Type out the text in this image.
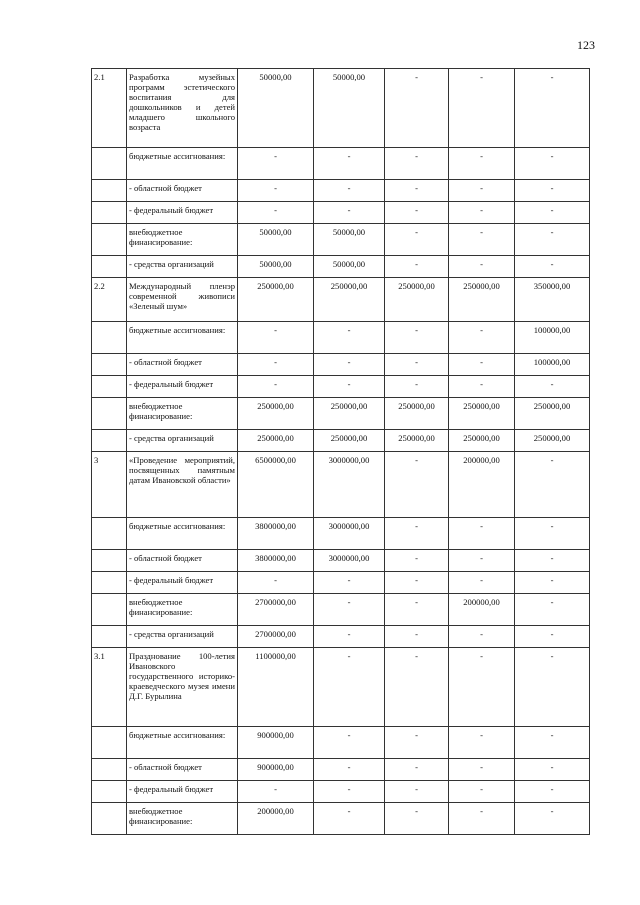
123
2.1	Разработка музейных программ эстетического воспитания для дошкольников и детей младшего школьного возраста	50000,00	50000,00	-	-	-
	бюджетные ассигнования:	-	-	-	-	-
	- областной бюджет	-	-	-	-	-
	- федеральный бюджет	-	-	-	-	-
	внебюджетное финансирование:	50000,00	50000,00	-	-	-
	- средства организаций	50000,00	50000,00	-	-	-
2.2	Международный пленэр современной живописи «Зеленый шум»	250000,00	250000,00	250000,00	250000,00	350000,00
	бюджетные ассигнования:	-	-	-	-	100000,00
	- областной бюджет	-	-	-	-	100000,00
	- федеральный бюджет	-	-	-	-	-
	внебюджетное финансирование:	250000,00	250000,00	250000,00	250000,00	250000,00
	- средства организаций	250000,00	250000,00	250000,00	250000,00	250000,00
3	«Проведение мероприятий, посвященных памятным датам Ивановской области»	6500000,00	3000000,00	-	200000,00	-
	бюджетные ассигнования:	3800000,00	3000000,00	-	-	-
	- областной бюджет	3800000,00	3000000,00	-	-	-
	- федеральный бюджет	-	-	-	-	-
	внебюджетное финансирование:	2700000,00	-	-	200000,00	-
	- средства организаций	2700000,00	-	-	-	-
3.1	Празднование 100-летия Ивановского государственного историко-краеведческого музея имени Д.Г. Бурылина	1100000,00	-	-	-	-
	бюджетные ассигнования:	900000,00	-	-	-	-
	- областной бюджет	900000,00	-	-	-	-
	- федеральный бюджет	-	-	-	-	-
	внебюджетное финансирование:	200000,00	-	-	-	-
